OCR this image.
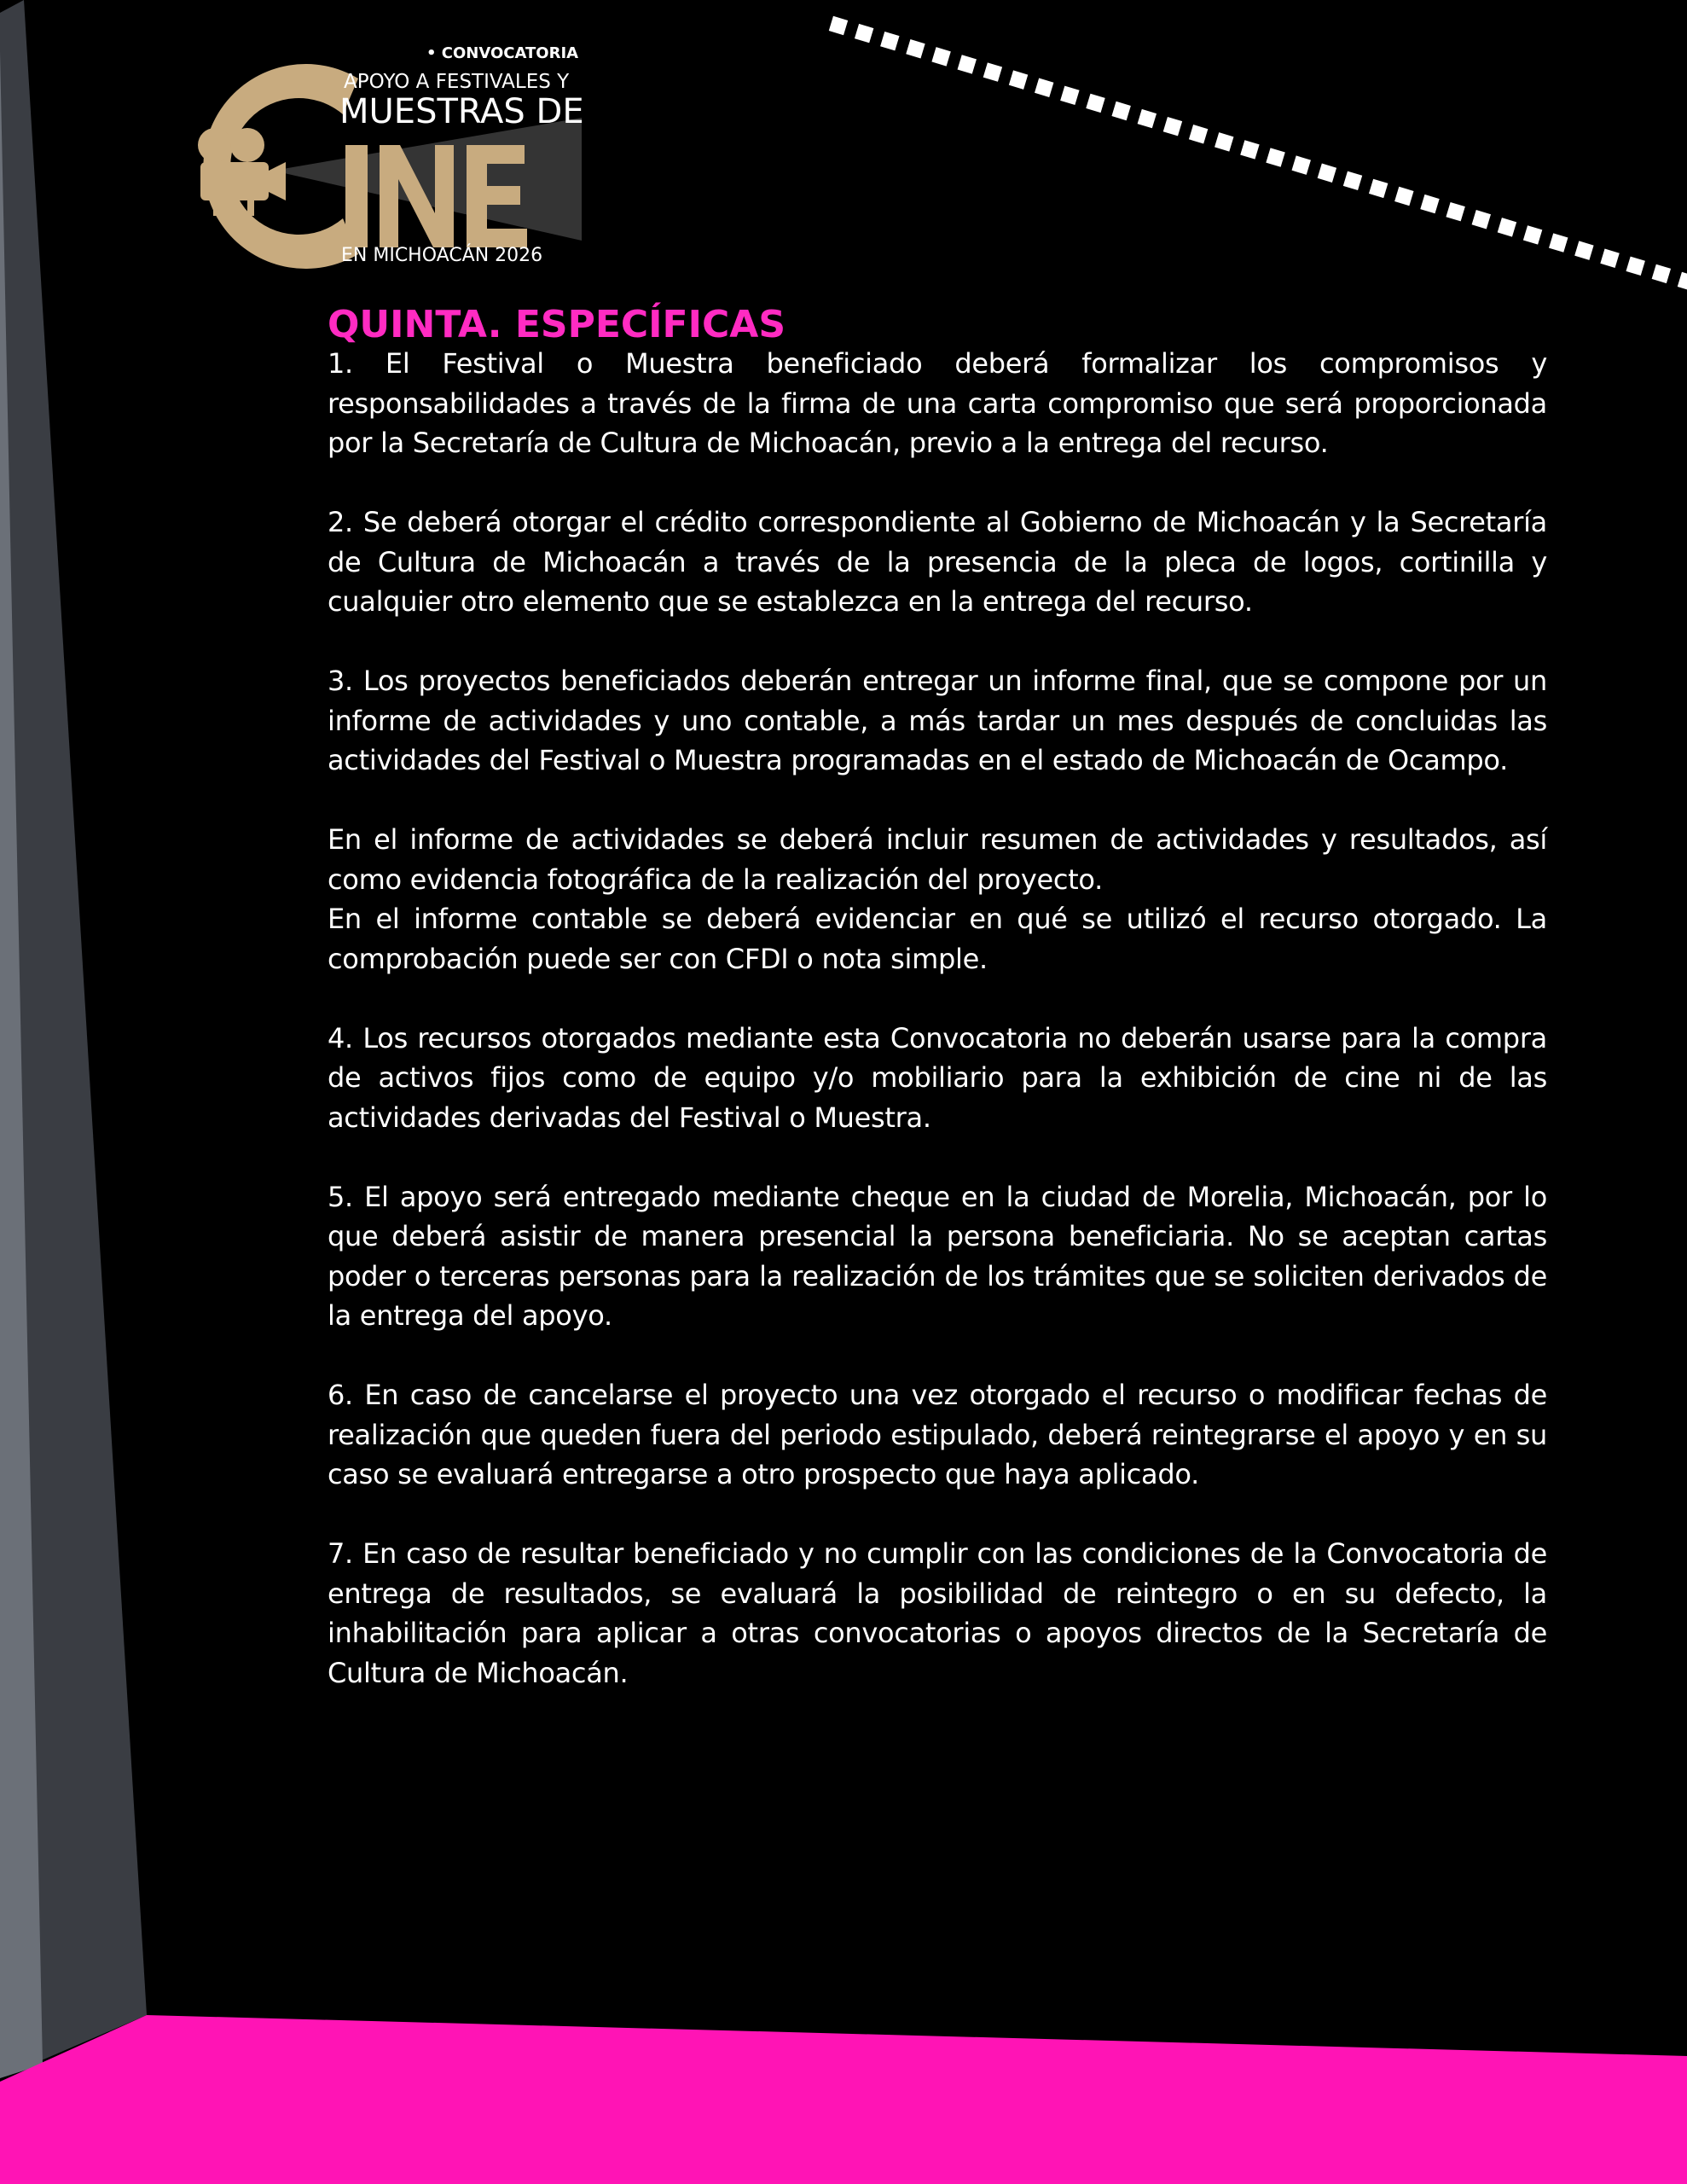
• CONVOCATORIA
APOYO A FESTIVALES Y
MUESTRAS DE
EN MICHOACÁN 2026
QUINTA. ESPECÍFICAS

1. El Festival o Muestra beneficiado deberá formalizar los compromisos y responsabilidades a través de la firma de una carta compromiso que será proporcionada por la Secretaría de Cultura de Michoacán, previo a la entrega del recurso.

2. Se deberá otorgar el crédito correspondiente al Gobierno de Michoacán y la Secretaría de Cultura de Michoacán a través de la presencia de la pleca de logos, cortinilla y cualquier otro elemento que se establezca en la entrega del recurso.

3. Los proyectos beneficiados deberán entregar un informe final, que se compone por un informe de actividades y uno contable, a más tardar un mes después de concluidas las actividades del Festival o Muestra programadas en el estado de Michoacán de Ocampo.

En el informe de actividades se deberá incluir resumen de actividades y resultados, así como evidencia fotográfica de la realización del proyecto.

En el informe contable se deberá evidenciar en qué se utilizó el recurso otorgado. La comprobación puede ser con CFDI o nota simple.

4. Los recursos otorgados mediante esta Convocatoria no deberán usarse para la compra de activos fijos como de equipo y/o mobiliario para la exhibición de cine ni de las actividades derivadas del Festival o Muestra.

5. El apoyo será entregado mediante cheque en la ciudad de Morelia, Michoacán, por lo que deberá asistir de manera presencial la persona beneficiaria. No se aceptan cartas poder o terceras personas para la realización de los trámites que se soliciten derivados de la entrega del apoyo.

6. En caso de cancelarse el proyecto una vez otorgado el recurso o modificar fechas de realización que queden fuera del periodo estipulado, deberá reintegrarse el apoyo y en su caso se evaluará entregarse a otro prospecto que haya aplicado.

7. En caso de resultar beneficiado y no cumplir con las condiciones de la Convocatoria de entrega de resultados, se evaluará la posibilidad de reintegro o en su defecto, la inhabilitación para aplicar a otras convocatorias o apoyos directos de la Secretaría de Cultura de Michoacán.
